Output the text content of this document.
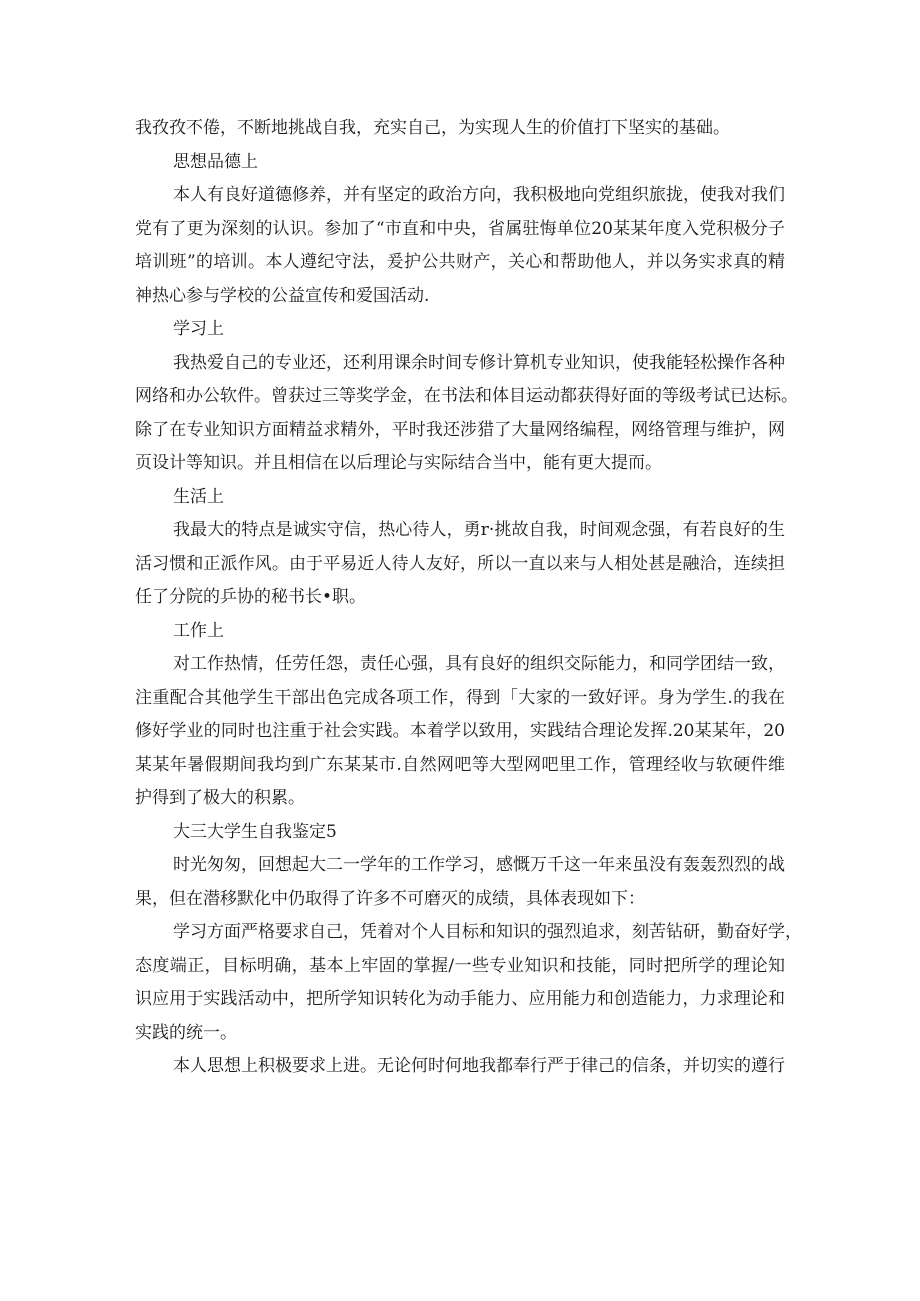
我孜孜不倦，不断地挑战自我，充实自己，为实现人生的价值打下坚实的基础。
思想品德上
本人有良好道德修养，并有坚定的政治方向，我积极地向党组织旅拢，使我对我们
党有了更为深刻的认识。参加了“市直和中央，省属驻悔单位20某某年度入党积极分子
培训班”的培训。本人遵纪守法，爰护公共财产，关心和帮助他人，并以务实求真的精
神热心参与学校的公益宣传和爱国活动.
学习上
我热爱自己的专业还，还利用课余时间专修计算机专业知识，使我能轻松操作各种
网络和办公软件。曾获过三等奖学金，在书法和体目运动都获得好面的等级考试已达标。
除了在专业知识方面精益求精外，平时我还涉猎了大量网络编程，网络管理与维护，网
页设计等知识。并且相信在以后理论与实际结合当中，能有更大提而。
生活上
我最大的特点是诚实守信，热心待人，勇r·挑故自我，时间观念强，有若良好的生
活习惯和正派作风。由于平易近人待人友好，所以一直以来与人相处甚是融洽，连续担
任了分院的乒协的秘书长•职。
工作上
对工作热情，任劳任怨，责任心强，具有良好的组织交际能力，和同学团结一致，
注重配合其他学生干部出色完成各项工作，得到「大家的一致好评。身为学生.的我在
修好学业的同时也注重于社会实践。本着学以致用，实践结合理论发挥.20某某年，20
某某年暑假期间我均到广东某某市.自然网吧等大型网吧里工作，管理经收与软硬件维
护得到了极大的积累。
大三大学生自我鉴定5
时光匆匆，回想起大二一学年的工作学习，感慨万千这一年来虽没有轰轰烈烈的战
果，但在潜移默化中仍取得了许多不可磨灭的成绩，具体表现如下：
学习方面严格要求自己，凭着对个人目标和知识的强烈追求，刻苦钻研，勤奋好学，
态度端正，目标明确，基本上牢固的掌握/一些专业知识和技能，同时把所学的理论知
识应用于实践活动中，把所学知识转化为动手能力、应用能力和创造能力，力求理论和
实践的统一。
本人思想上积极要求上进。无论何时何地我都奉行严于律己的信条，并切实的遵行
